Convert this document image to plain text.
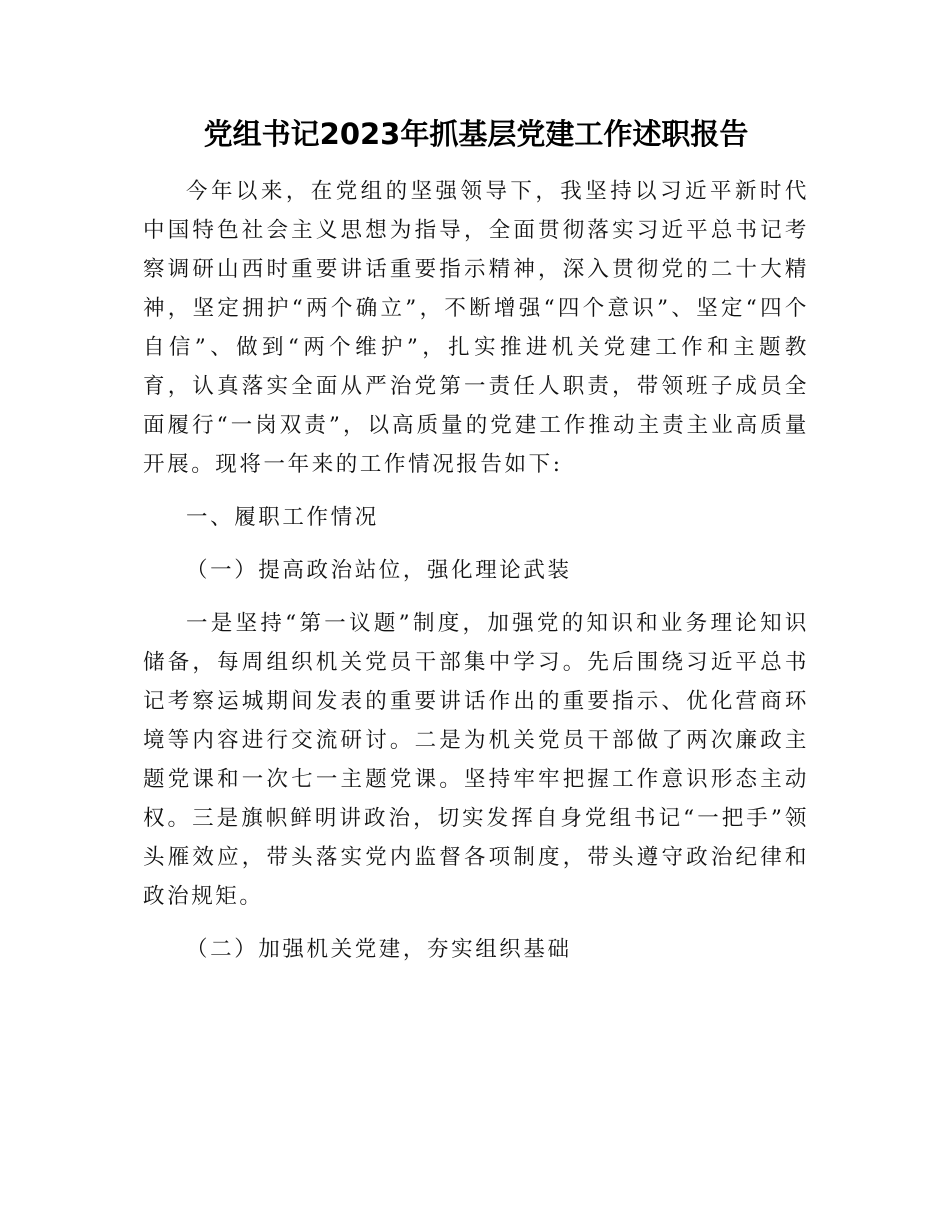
党组书记2023年抓基层党建工作述职报告

今年以来，在党组的坚强领导下，我坚持以习近平新时代中国特色社会主义思想为指导，全面贯彻落实习近平总书记考察调研山西时重要讲话重要指示精神，深入贯彻党的二十大精神，坚定拥护“两个确立”，不断增强“四个意识”、坚定“四个自信”、做到“两个维护”，扎实推进机关党建工作和主题教育，认真落实全面从严治党第一责任人职责，带领班子成员全面履行“一岗双责”，以高质量的党建工作推动主责主业高质量开展。现将一年来的工作情况报告如下:

一、履职工作情况

（一）提高政治站位，强化理论武装

一是坚持“第一议题”制度，加强党的知识和业务理论知识储备，每周组织机关党员干部集中学习。先后围绕习近平总书记考察运城期间发表的重要讲话作出的重要指示、优化营商环境等内容进行交流研讨。二是为机关党员干部做了两次廉政主题党课和一次七一主题党课。坚持牢牢把握工作意识形态主动权。三是旗帜鲜明讲政治，切实发挥自身党组书记“一把手”领头雁效应，带头落实党内监督各项制度，带头遵守政治纪律和政治规矩。

（二）加强机关党建，夯实组织基础
